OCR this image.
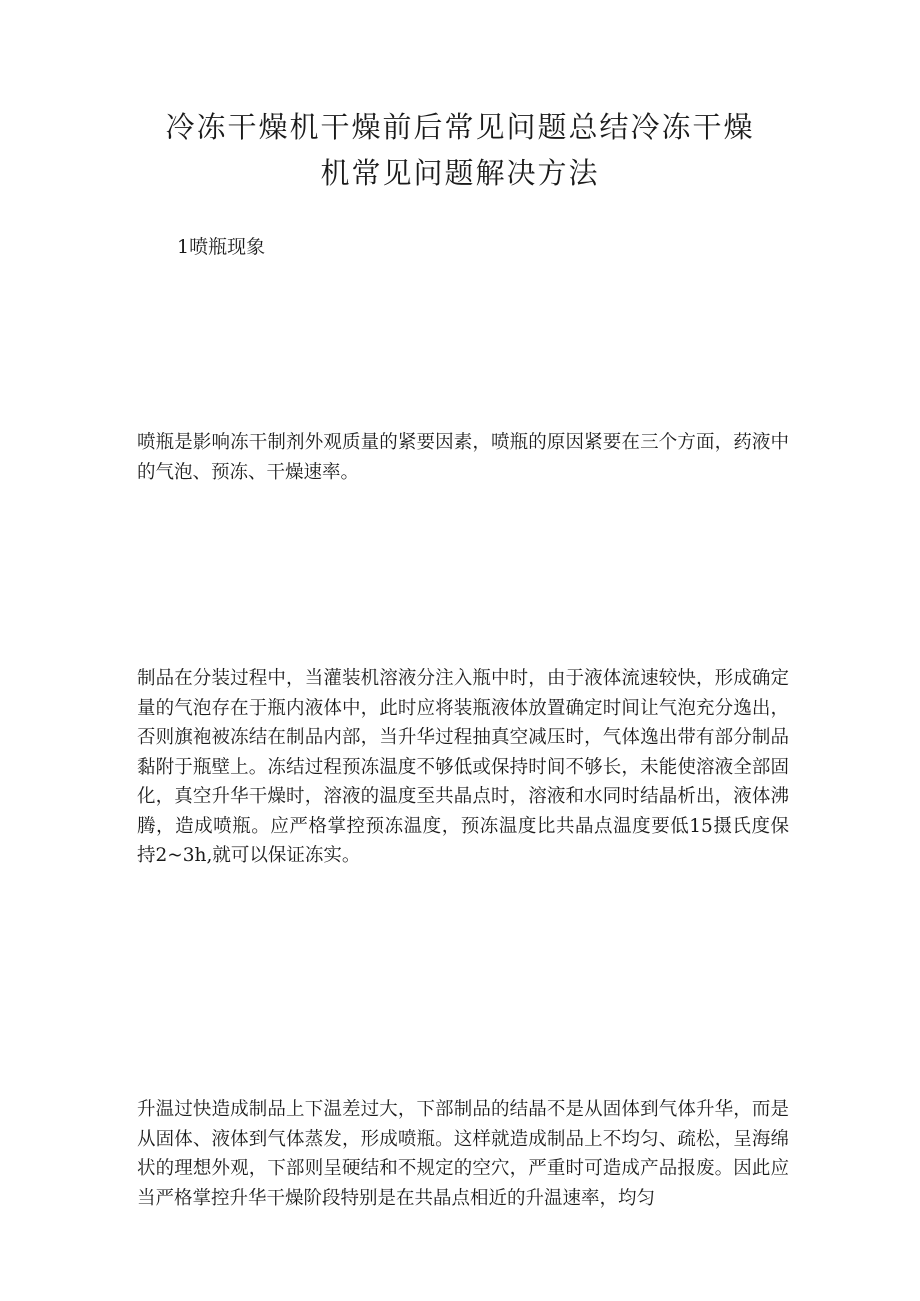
冷冻干燥机干燥前后常见问题总结冷冻干燥
机常见问题解决方法
1喷瓶现象

喷瓶是影响冻干制剂外观质量的紧要因素，喷瓶的原因紧要在三个方面，药液中的气泡、预冻、干燥速率。

制品在分装过程中，当灌装机溶液分注入瓶中时，由于液体流速较快，形成确定量的气泡存在于瓶内液体中，此时应将装瓶液体放置确定时间让气泡充分逸出，否则旗袍被冻结在制品内部，当升华过程抽真空减压时，气体逸出带有部分制品黏附于瓶壁上。冻结过程预冻温度不够低或保持时间不够长，未能使溶液全部固化，真空升华干燥时，溶液的温度至共晶点时，溶液和水同时结晶析出，液体沸腾，造成喷瓶。应严格掌控预冻温度，预冻温度比共晶点温度要低15摄氏度保持2~3h,就可以保证冻实。

升温过快造成制品上下温差过大，下部制品的结晶不是从固体到气体升华，而是从固体、液体到气体蒸发，形成喷瓶。这样就造成制品上不均匀、疏松，呈海绵状的理想外观，下部则呈硬结和不规定的空穴，严重时可造成产品报废。因此应当严格掌控升华干燥阶段特别是在共晶点相近的升温速率，均匀
